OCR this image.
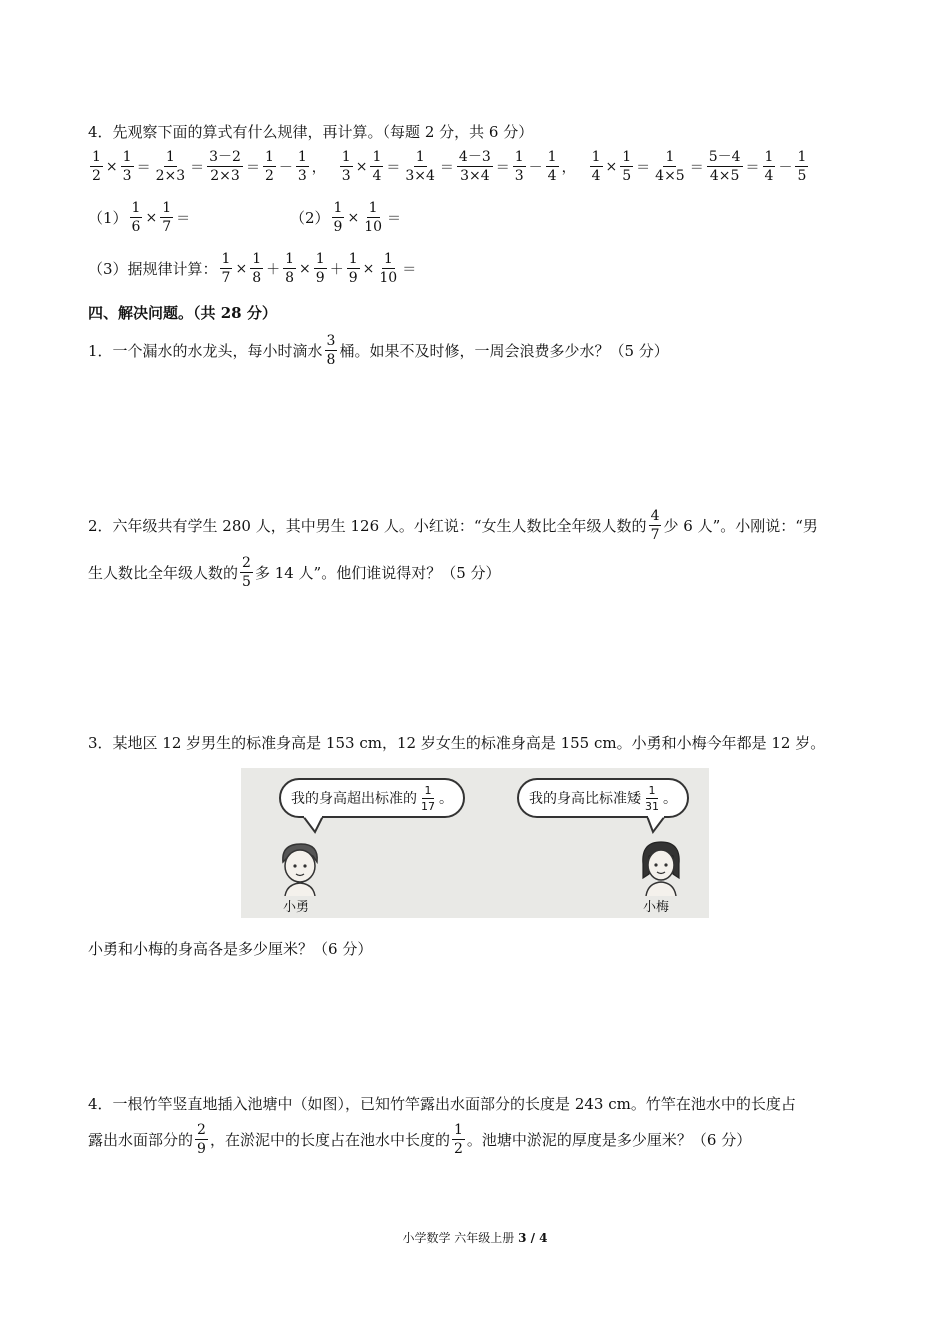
4．先观察下面的算式有什么规律，再计算。（每题 2 分，共 6 分）
$\frac{1}{2} \times \frac{1}{3} = \frac{1}{2\times 3} = \frac{3-2}{2\times 3} = \frac{1}{2} - \frac{1}{3}$ ， $\frac{1}{3} \times \frac{1}{4} = \frac{1}{3\times 4} = \frac{4-3}{3\times 4} = \frac{1}{3} - \frac{1}{4}$ ， $\frac{1}{4} \times \frac{1}{5} = \frac{1}{4\times 5} = \frac{5-4}{4\times 5} = \frac{1}{4} - \frac{1}{5}$
$(1) \frac{1}{6} \times \frac{1}{7}$ ＝	$(2) \frac{1}{9} \times \frac{1}{10}$ ＝
（3）据规律计算： $\frac{1}{7} \times \frac{1}{8} + \frac{1}{8} \times \frac{1}{9} + \frac{1}{9} \times \frac{1}{10}$ ＝
四、解决问题。（共 28 分）
1．一个漏水的水龙头，每小时滴水 $\frac{3}{8}$ 桶。如果不及时修，一周会浪费多少水？（5 分）
2．六年级共有学生 280 人，其中男生 126 人。小红说：“女生人数比全年级人数的 $\frac{4}{7}$ 少 6 人”。小刚说：“男
生人数比全年级人数的 $\frac{2}{5}$ 多 14 人”。他们谁说得对？（5 分）
3．某地区 12 岁男生的标准身高是 153 cm，12 岁女生的标准身高是 155 cm。小勇和小梅今年都是 12 岁。
我的身高超出标准的 $\frac{1}{17}$ 。	我的身高比标准矮 $\frac{1}{31}$ 。
小勇	小梅
小勇和小梅的身高各是多少厘米？（6 分）
4．一根竹竿竖直地插入池塘中（如图），已知竹竿露出水面部分的长度是 243 cm。竹竿在池水中的长度占
露出水面部分的 $\frac{2}{9}$ ，在淤泥中的长度占在池水中长度的 $\frac{1}{2}$ 。池塘中淤泥的厚度是多少厘米？（6 分）
小学数学 六年级上册 3 / 4
